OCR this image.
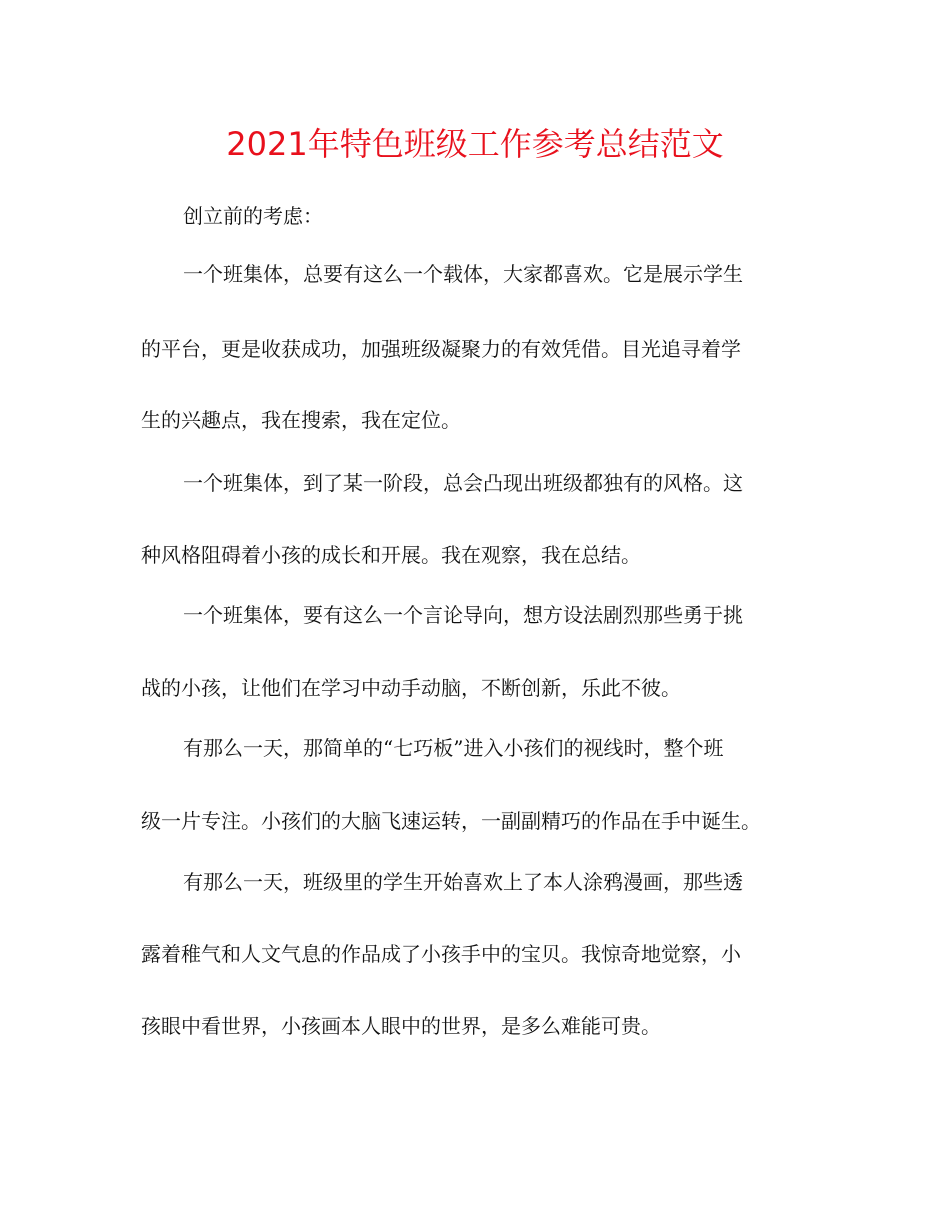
2021年特色班级工作参考总结范文

创立前的考虑：

一个班集体，总要有这么一个载体，大家都喜欢。它是展示学生

的平台，更是收获成功，加强班级凝聚力的有效凭借。目光追寻着学

生的兴趣点，我在搜索，我在定位。

一个班集体，到了某一阶段，总会凸现出班级都独有的风格。这

种风格阻碍着小孩的成长和开展。我在观察，我在总结。

一个班集体，要有这么一个言论导向，想方设法剧烈那些勇于挑

战的小孩，让他们在学习中动手动脑，不断创新，乐此不彼。

有那么一天，那简单的“七巧板”进入小孩们的视线时，整个班

级一片专注。小孩们的大脑飞速运转，一副副精巧的作品在手中诞生。

有那么一天，班级里的学生开始喜欢上了本人涂鸦漫画，那些透

露着稚气和人文气息的作品成了小孩手中的宝贝。我惊奇地觉察，小

孩眼中看世界，小孩画本人眼中的世界，是多么难能可贵。
